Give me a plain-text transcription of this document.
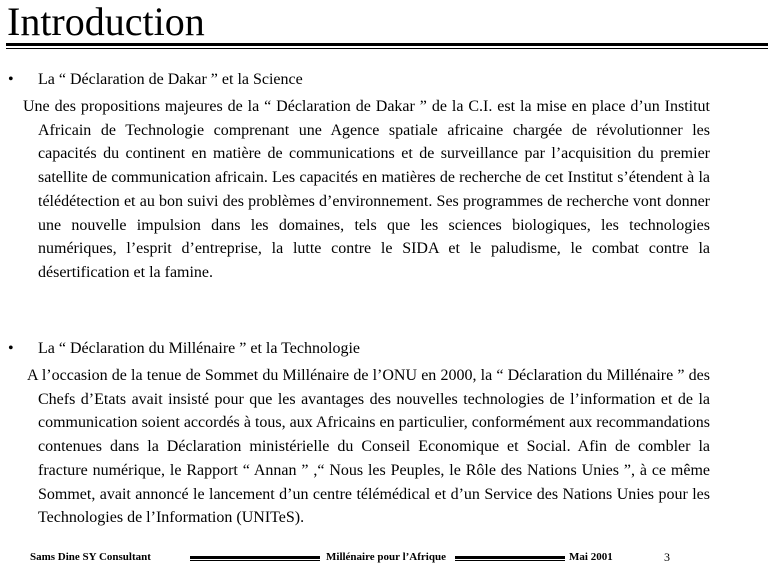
Introduction
• La “ Déclaration de Dakar ” et la Science

Une des propositions majeures de la “ Déclaration de Dakar ” de la C.I. est la mise en place d’un Institut Africain de Technologie comprenant une Agence spatiale africaine chargée de révolutionner les capacités du continent en matière de communications et de surveillance par l’acquisition du premier satellite de communication africain. Les capacités en matières de recherche de cet Institut s’étendent à la télédétection et au bon suivi des problèmes d’environnement. Ses programmes de recherche vont donner une nouvelle impulsion dans les domaines, tels que les sciences biologiques, les technologies numériques, l’esprit d’entreprise, la lutte contre le SIDA et le paludisme, le combat contre la désertification et la famine.

• La “ Déclaration du Millénaire ” et la Technologie

A l’occasion de la tenue de Sommet du Millénaire de l’ONU en 2000, la “ Déclaration du Millénaire ” des Chefs d’Etats avait insisté pour que les avantages des nouvelles technologies de l’information et de la communication soient accordés à tous, aux Africains en particulier, conformément aux recommandations contenues dans la Déclaration ministérielle du Conseil Economique et Social. Afin de combler la fracture numérique, le Rapport “ Annan ” ,“ Nous les Peuples, le Rôle des Nations Unies ”, à ce même Sommet, avait annoncé le lancement d’un centre télémédical et d’un Service des Nations Unies pour les Technologies de l’Information (UNITeS).

Sams Dine SY Consultant	Millénaire pour l’Afrique	Mai 2001	3
